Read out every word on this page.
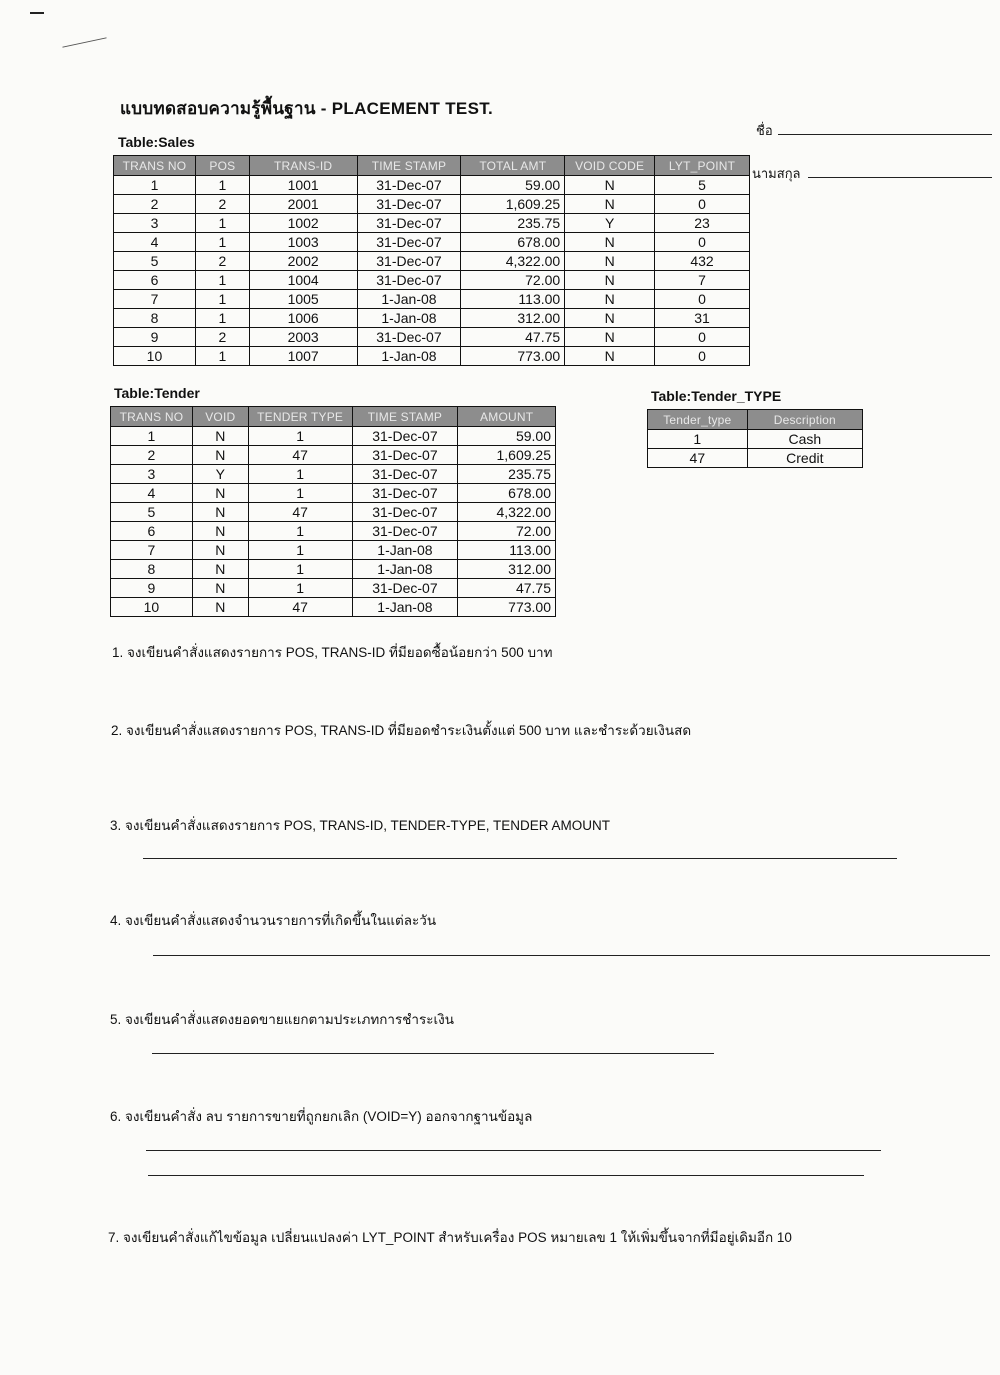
แบบทดสอบความรู้พื้นฐาน - PLACEMENT TEST.
ชื่อ
นามสกุล
Table:Sales
TRANS NO	POS	TRANS-ID	TIME STAMP	TOTAL AMT	VOID CODE	LYT_POINT
1	1	1001	31-Dec-07	59.00	N	5
2	2	2001	31-Dec-07	1,609.25	N	0
3	1	1002	31-Dec-07	235.75	Y	23
4	1	1003	31-Dec-07	678.00	N	0
5	2	2002	31-Dec-07	4,322.00	N	432
6	1	1004	31-Dec-07	72.00	N	7
7	1	1005	1-Jan-08	113.00	N	0
8	1	1006	1-Jan-08	312.00	N	31
9	2	2003	31-Dec-07	47.75	N	0
10	1	1007	1-Jan-08	773.00	N	0
Table:Tender
TRANS NO	VOID	TENDER TYPE	TIME STAMP	AMOUNT
1	N	1	31-Dec-07	59.00
2	N	47	31-Dec-07	1,609.25
3	Y	1	31-Dec-07	235.75
4	N	1	31-Dec-07	678.00
5	N	47	31-Dec-07	4,322.00
6	N	1	31-Dec-07	72.00
7	N	1	1-Jan-08	113.00
8	N	1	1-Jan-08	312.00
9	N	1	31-Dec-07	47.75
10	N	47	1-Jan-08	773.00
Table:Tender_TYPE
Tender_type	Description
1	Cash
47	Credit
1. จงเขียนคำสั่งแสดงรายการ POS, TRANS-ID ที่มียอดซื้อน้อยกว่า 500 บาท
2. จงเขียนคำสั่งแสดงรายการ POS, TRANS-ID ที่มียอดชำระเงินตั้งแต่ 500 บาท และชำระด้วยเงินสด
3. จงเขียนคำสั่งแสดงรายการ POS, TRANS-ID, TENDER-TYPE, TENDER AMOUNT
4. จงเขียนคำสั่งแสดงจำนวนรายการที่เกิดขึ้นในแต่ละวัน
5. จงเขียนคำสั่งแสดงยอดขายแยกตามประเภทการชำระเงิน
6. จงเขียนคำสั่ง ลบ รายการขายที่ถูกยกเลิก (VOID=Y) ออกจากฐานข้อมูล
7. จงเขียนคำสั่งแก้ไขข้อมูล เปลี่ยนแปลงค่า LYT_POINT สำหรับเครื่อง POS หมายเลข 1 ให้เพิ่มขึ้นจากที่มีอยู่เดิมอีก 10
